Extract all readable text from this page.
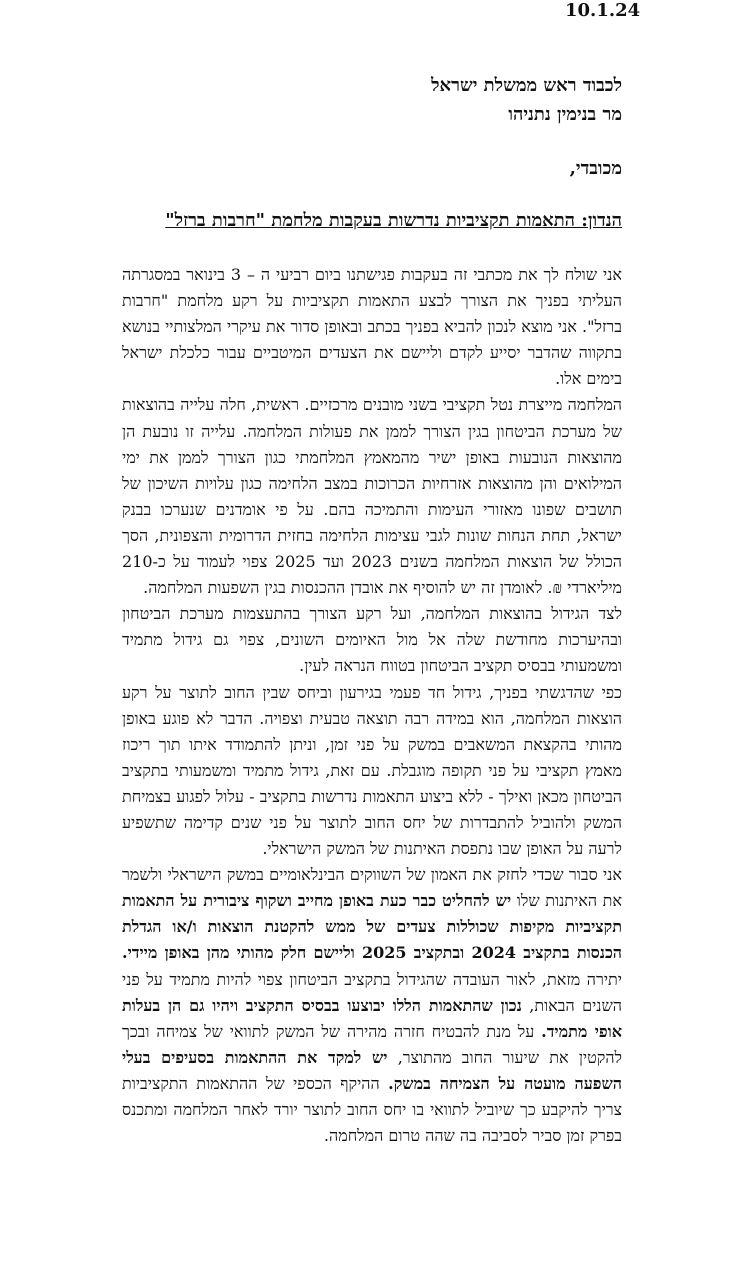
10.1.24
לכבוד ראש ממשלת ישראל
מר בנימין נתניהו
מכובדי,
הנדון: התאמות תקציביות נדרשות בעקבות מלחמת "חרבות ברזל"

אני שולח לך את מכתבי זה בעקבות פגישתנו ביום רביעי ה – 3 בינואר במסגרתה העליתי בפניך את הצורך לבצע התאמות תקציביות על רקע מלחמת "חרבות ברזל". אני מוצא לנכון להביא בפניך בכתב ובאופן סדור את עיקרי המלצותיי בנושא בתקווה שהדבר יסייע לקדם וליישם את הצעדים המיטביים עבור כלכלת ישראל בימים אלו.

המלחמה מייצרת נטל תקציבי בשני מובנים מרכזיים. ראשית, חלה עלייה בהוצאות של מערכת הביטחון בגין הצורך לממן את פעולות המלחמה. עלייה זו נובעת הן מהוצאות הנובעות באופן ישיר מהמאמץ המלחמתי כגון הצורך לממן את ימי המילואים והן מהוצאות אזרחיות הכרוכות במצב הלחימה כגון עלויות השיכון של תושבים שפונו מאזורי העימות והתמיכה בהם. על פי אומדנים שנערכו בבנק ישראל, תחת הנחות שונות לגבי עצימות הלחימה בחזית הדרומית והצפונית, הסך הכולל של הוצאות המלחמה בשנים 2023 ועד 2025 צפוי לעמוד על כ-210 מיליארדי ₪. לאומדן זה יש להוסיף את אובדן ההכנסות בגין השפעות המלחמה.

לצד הגידול בהוצאות המלחמה, ועל רקע הצורך בהתעצמות מערכת הביטחון ובהיערכות מחודשת שלה אל מול האיומים השונים, צפוי גם גידול מתמיד ומשמעותי בבסיס תקציב הביטחון בטווח הנראה לעין.

כפי שהדגשתי בפניך, גידול חד פעמי בגירעון וביחס שבין החוב לתוצר על רקע הוצאות המלחמה, הוא במידה רבה תוצאה טבעית וצפויה. הדבר לא פוגע באופן מהותי בהקצאת המשאבים במשק על פני זמן, וניתן להתמודד איתו תוך ריכוז מאמץ תקציבי על פני תקופה מוגבלת. עם זאת, גידול מתמיד ומשמעותי בתקציב הביטחון מכאן ואילך - ללא ביצוע התאמות נדרשות בתקציב - עלול לפגוע בצמיחת המשק ולהוביל להתבדרות של יחס החוב לתוצר על פני שנים קדימה שתשפיע לרעה על האופן שבו נתפסת האיתנות של המשק הישראלי.

אני סבור שכדי לחזק את האמון של השווקים הבינלאומיים במשק הישראלי ולשמר את האיתנות שלו יש להחליט כבר כעת באופן מחייב ושקוף ציבורית על התאמות תקציביות מקיפות שכוללות צעדים של ממש להקטנת הוצאות ו/או הגדלת הכנסות בתקציב 2024 ובתקציב 2025 וליישם חלק מהותי מהן באופן מיידי. יתירה מזאת, לאור העובדה שהגידול בתקציב הביטחון צפוי להיות מתמיד על פני השנים הבאות, נכון שהתאמות הללו יבוצעו בבסיס התקציב ויהיו גם הן בעלות אופי מתמיד. על מנת להבטיח חזרה מהירה של המשק לתוואי של צמיחה ובכך להקטין את שיעור החוב מהתוצר, יש למקד את ההתאמות בסעיפים בעלי השפעה מועטה על הצמיחה במשק. ההיקף הכספי של ההתאמות התקציביות צריך להיקבע כך שיוביל לתוואי בו יחס החוב לתוצר יורד לאחר המלחמה ומתכנס בפרק זמן סביר לסביבה בה שהה טרום המלחמה.
